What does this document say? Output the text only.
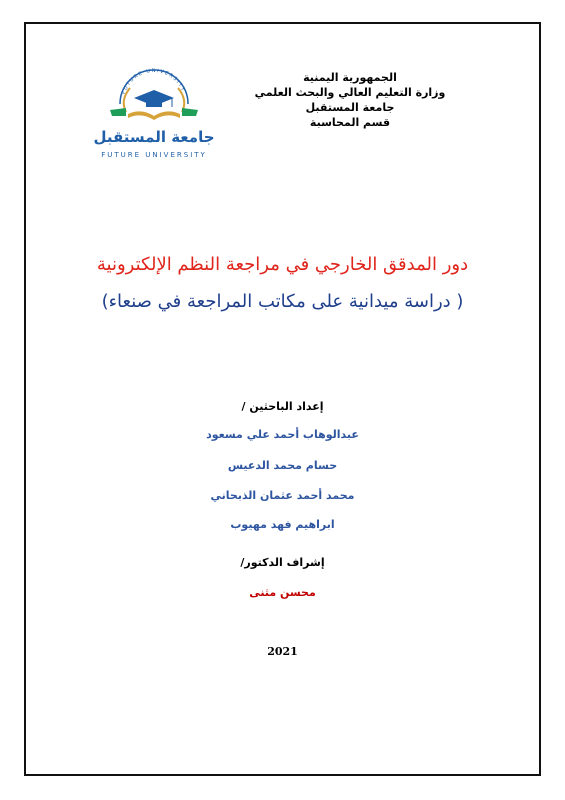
الجمهورية اليمنية
وزارة التعليم العالي والبحث العلمي
جامعة المستقبل
قسم المحاسبة
FUTURE UNIVERSITY
جامعة المستقبل
FUTURE UNIVERSITY
دور المدقق الخارجي في مراجعة النظم الإلكترونية
( دراسة ميدانية على مكاتب المراجعة في صنعاء)
إعداد الباحثين /
عبدالوهاب أحمد علي مسعود
حسام محمد الدعيس
محمد أحمد عثمان الذبحاني
ابراهيم فهد مهيوب
إشراف الدكتور/
محسن مثنى
2021
